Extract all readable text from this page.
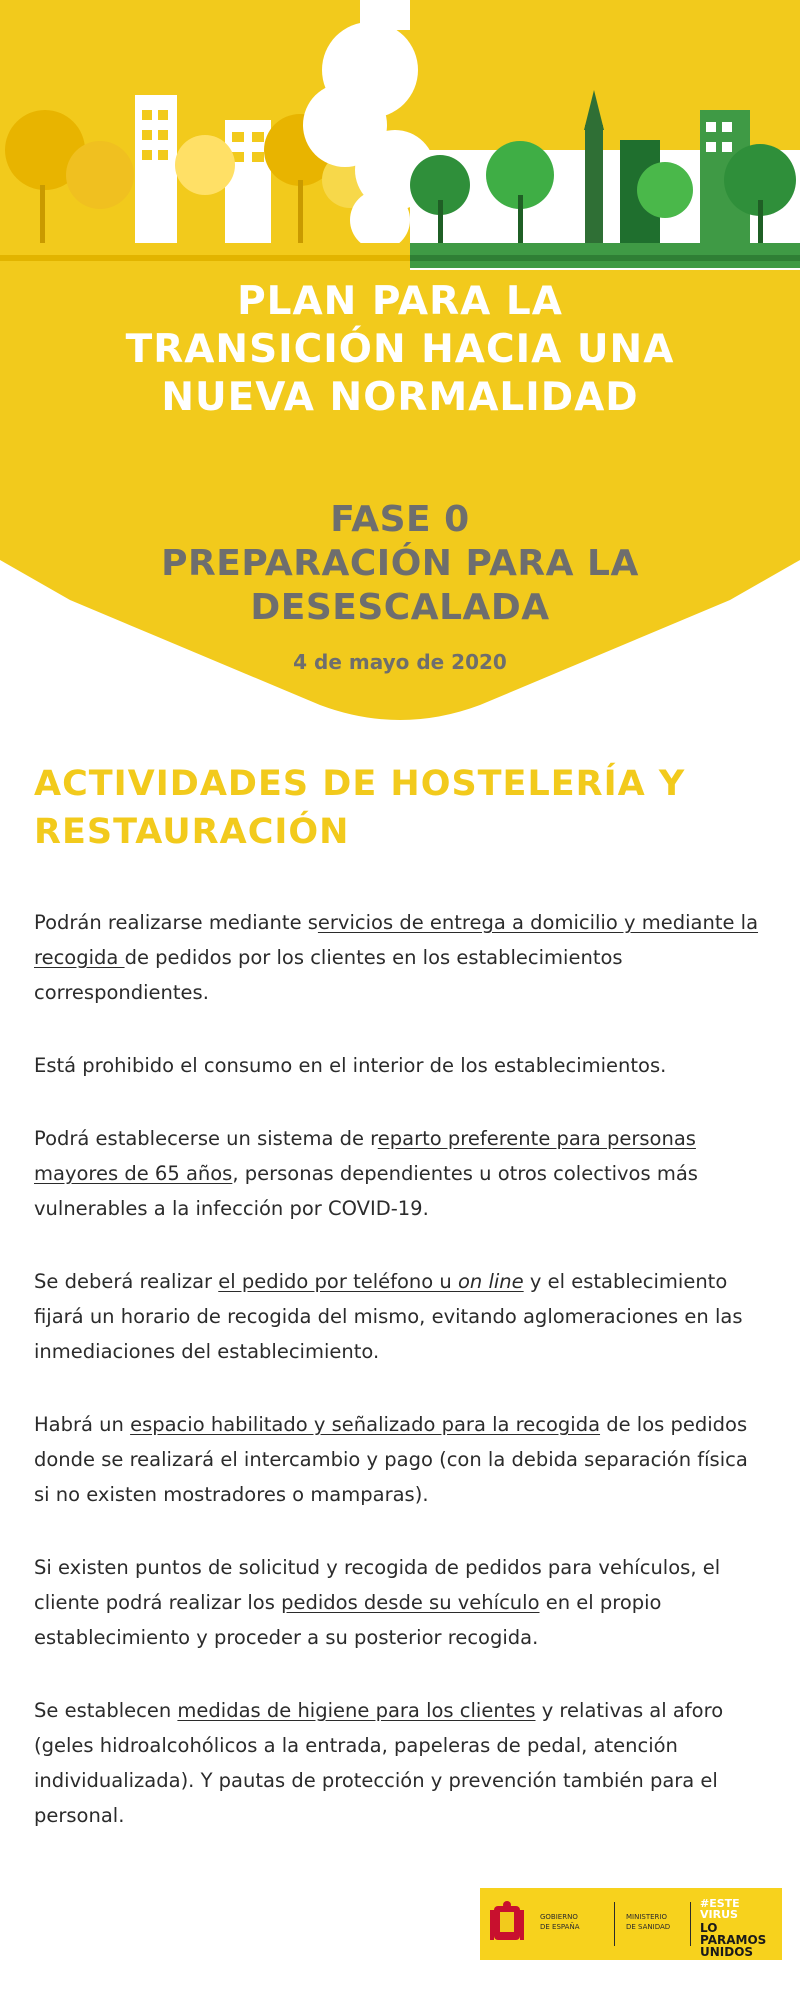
PLAN PARA LA
TRANSICIÓN HACIA UNA
NUEVA NORMALIDAD

FASE 0

PREPARACIÓN PARA LA

DESESCALADA

4 de mayo de 2020

ACTIVIDADES DE HOSTELERÍA Y
RESTAURACIÓN

Podrán realizarse mediante servicios de entrega a domicilio y mediante la recogida de pedidos por los clientes en los establecimientos correspondientes.

Está prohibido el consumo en el interior de los establecimientos.

Podrá establecerse un sistema de reparto preferente para personas mayores de 65 años, personas dependientes u otros colectivos más vulnerables a la infección por COVID-19.

Se deberá realizar el pedido por teléfono u on line y el establecimiento fijará un horario de recogida del mismo, evitando aglomeraciones en las inmediaciones del establecimiento.

Habrá un espacio habilitado y señalizado para la recogida de los pedidos donde se realizará el intercambio y pago (con la debida separación física si no existen mostradores o mamparas).

Si existen puntos de solicitud y recogida de pedidos para vehículos, el cliente podrá realizar los pedidos desde su vehículo en el propio establecimiento y proceder a su posterior recogida.

Se establecen medidas de higiene para los clientes y relativas al aforo (geles hidroalcohólicos a la entrada, papeleras de pedal, atención individualizada). Y pautas de protección y prevención también para el personal.

GOBIERNO
DE ESPAÑA
MINISTERIO
DE SANIDAD
#ESTE
VIRUS
LO
PARAMOS
UNIDOS
